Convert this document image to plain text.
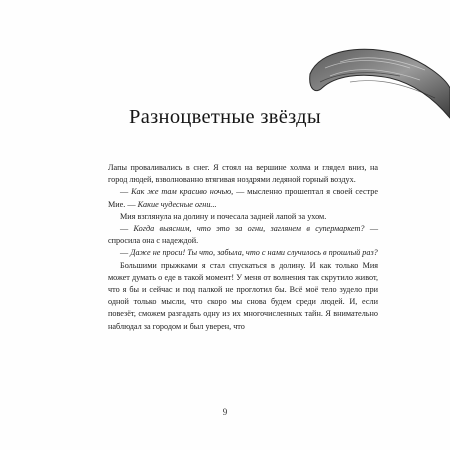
Разноцветные звёзды

Лапы проваливались в снег. Я стоял на вершине холма и глядел вниз, на город людей, взволнованно втягивая ноздрями ледяной горный воздух.

— Как же там красиво ночью, — мысленно прошептал я своей сестре Мие. — Какие чудесные огни...

Мия взглянула на долину и почесала задней лапой за ухом.

— Когда выясним, что это за огни, заглянем в супермаркет? — спросила она с надеждой.

— Даже не проси! Ты что, забыла, что с нами случилось в прошлый раз?

Большими прыжками я стал спускаться в долину. И как только Мия может думать о еде в такой момент! У меня от волнения так скрутило живот, что я бы и сейчас и под палкой не проглотил бы. Всё моё тело зудело при одной только мысли, что скоро мы снова будем среди людей. И, если повезёт, сможем разгадать одну из их многочисленных тайн. Я внимательно наблюдал за городом и был уверен, что

9
